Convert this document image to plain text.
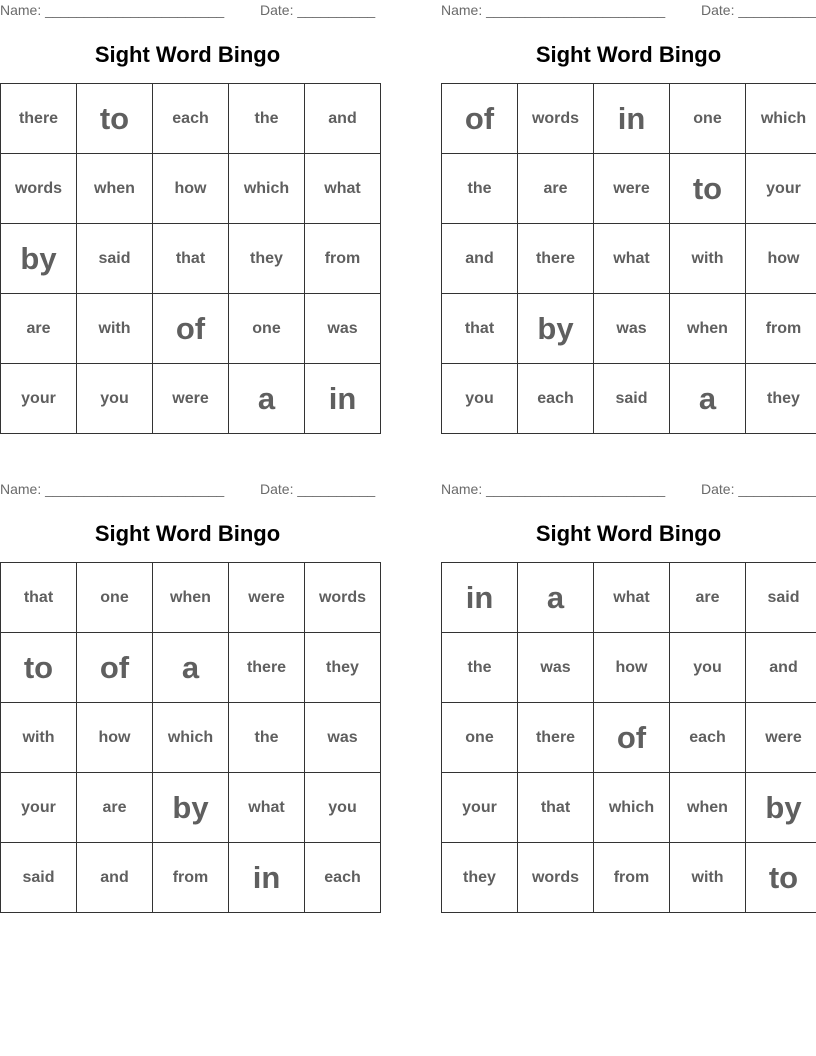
Name: _______________________	Date: __________
Sight Word Bingo
there	to	each	the	and
words	when	how	which	what
by	said	that	they	from
are	with	of	one	was
your	you	were	a	in
Name: _______________________	Date: __________
Sight Word Bingo
of	words	in	one	which
the	are	were	to	your
and	there	what	with	how
that	by	was	when	from
you	each	said	a	they
Name: _______________________	Date: __________
Sight Word Bingo
that	one	when	were	words
to	of	a	there	they
with	how	which	the	was
your	are	by	what	you
said	and	from	in	each
Name: _______________________	Date: __________
Sight Word Bingo
in	a	what	are	said
the	was	how	you	and
one	there	of	each	were
your	that	which	when	by
they	words	from	with	to
